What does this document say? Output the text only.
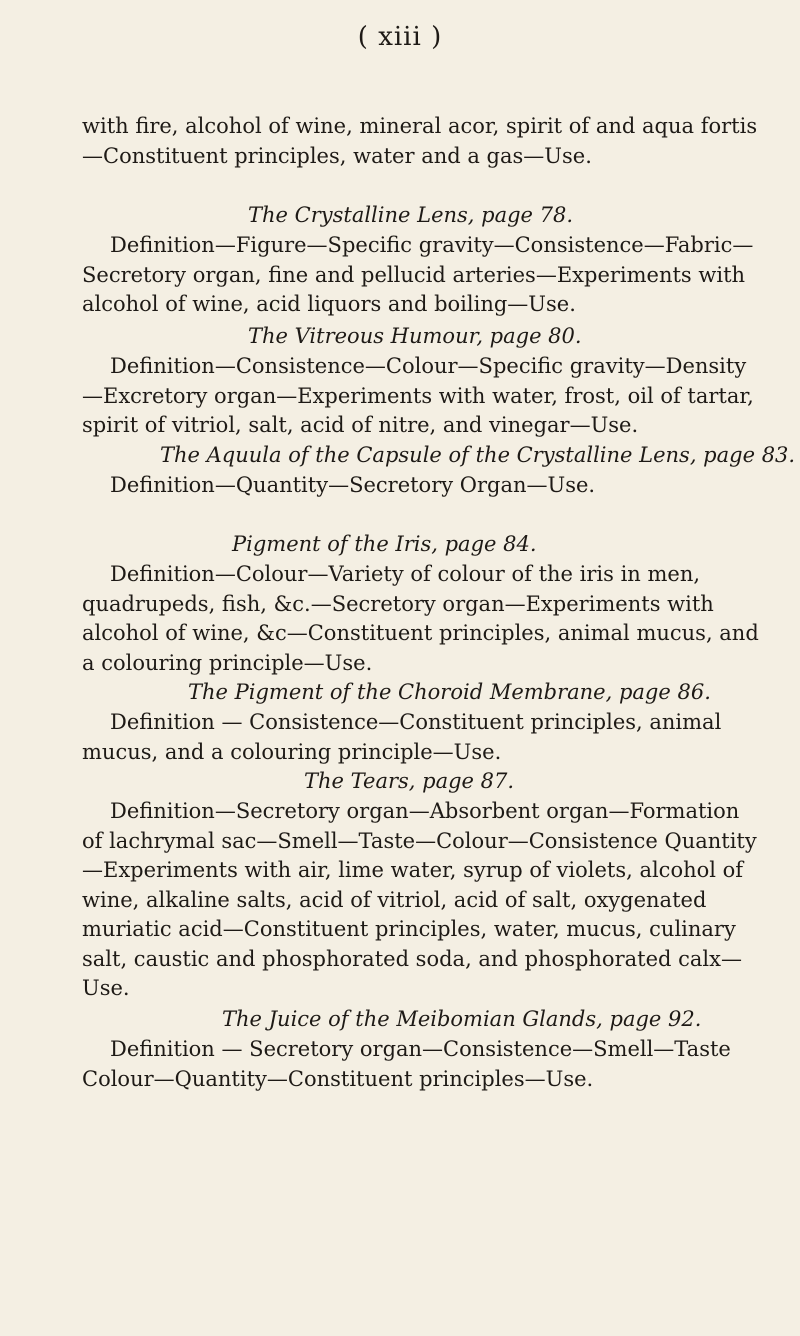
( xiii )

with fire, alcohol of wine, mineral acor, spirit of and aqua fortis—Constituent principles, water and a gas—Use.

The Crystalline Lens, page 78.

Definition—Figure—Specific gravity—Consistence—Fabric—Secretory organ, fine and pellucid arteries—Experiments with alcohol of wine, acid liquors and boiling—Use.

The Vitreous Humour, page 80.

Definition—Consistence—Colour—Specific gravity—Density—Excretory organ—Experiments with water, frost, oil of tartar, spirit of vitriol, salt, acid of nitre, and vinegar—Use.

The Aquula of the Capsule of the Crystalline Lens, page 83.

Definition—Quantity—Secretory Organ—Use.

Pigment of the Iris, page 84.

Definition—Colour—Variety of colour of the iris in men, quadrupeds, fish, &c.—Secretory organ—Experiments with alcohol of wine, &c—Constituent principles, animal mucus, and a colouring principle—Use.

The Pigment of the Choroid Membrane, page 86.

Definition — Consistence—Constituent principles, animal mucus, and a colouring principle—Use.

The Tears, page 87.

Definition—Secretory organ—Absorbent organ—Formation of lachrymal sac—Smell—Taste—Colour—Consistence Quantity—Experiments with air, lime water, syrup of violets, alcohol of wine, alkaline salts, acid of vitriol, acid of salt, oxygenated muriatic acid—Constituent principles, water, mucus, culinary salt, caustic and phosphorated soda, and phosphorated calx—Use.

The Juice of the Meibomian Glands, page 92.

Definition — Secretory organ—Consistence—Smell—Taste Colour—Quantity—Constituent principles—Use.
